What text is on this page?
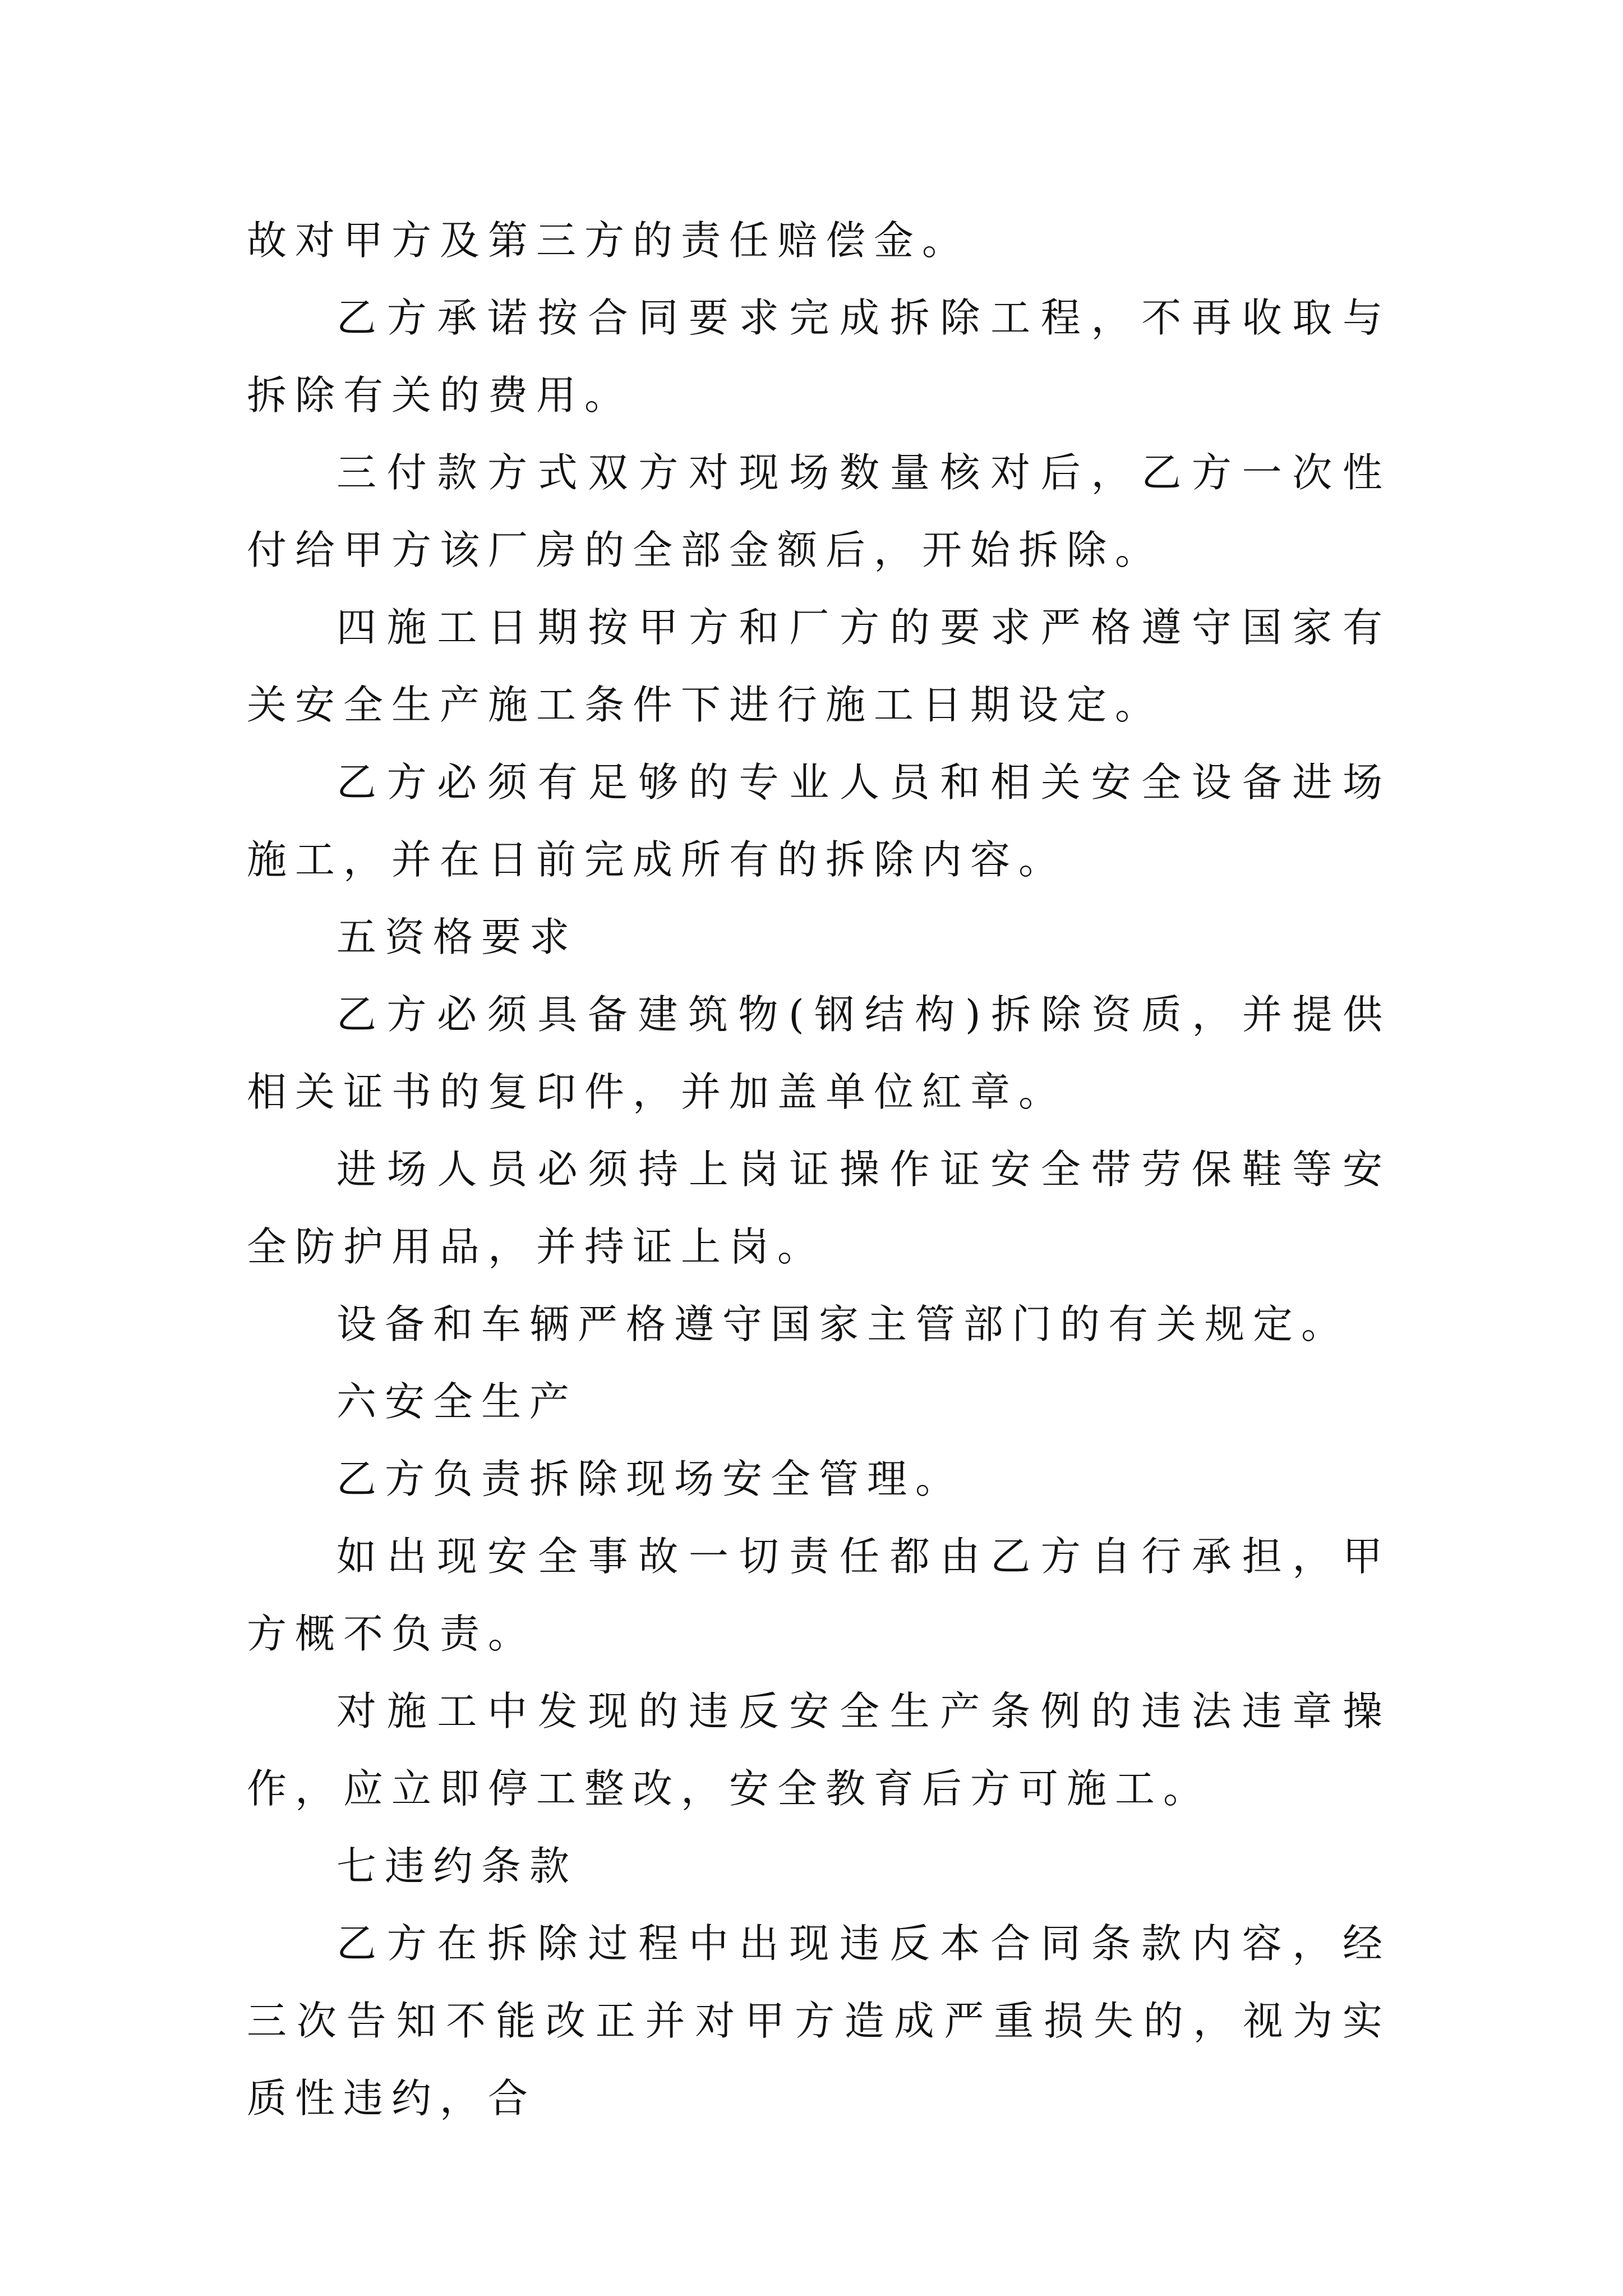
故对甲方及第三方的责任赔偿金。

乙方承诺按合同要求完成拆除工程，不再收取与拆除有关的费用。

三付款方式双方对现场数量核对后，乙方一次性付给甲方该厂房的全部金额后，开始拆除。

四施工日期按甲方和厂方的要求严格遵守国家有关安全生产施工条件下进行施工日期设定。

乙方必须有足够的专业人员和相关安全设备进场施工，并在日前完成所有的拆除内容。

五资格要求

乙方必须具备建筑物(钢结构)拆除资质，并提供相关证书的复印件，并加盖单位紅章。

进场人员必须持上岗证操作证安全带劳保鞋等安全防护用品，并持证上岗。

设备和车辆严格遵守国家主管部门的有关规定。

六安全生产

乙方负责拆除现场安全管理。

如出现安全事故一切责任都由乙方自行承担，甲方概不负责。

对施工中发现的违反安全生产条例的违法违章操作，应立即停工整改，安全教育后方可施工。

七违约条款

乙方在拆除过程中出现违反本合同条款内容，经三次告知不能改正并对甲方造成严重损失的，视为实质性违约，合
